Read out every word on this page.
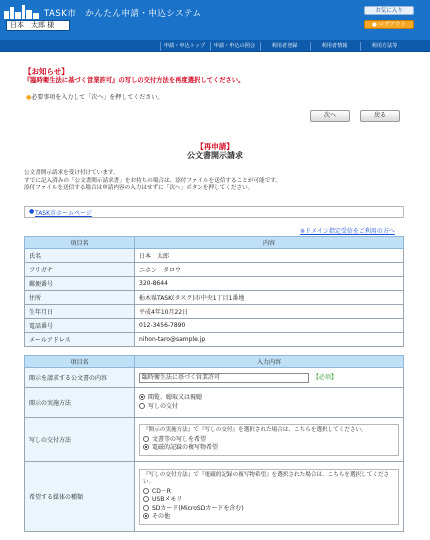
TASK市　かんたん申請・申込システム
日本　太郎 様
お気に入り
● ログアウト
申請・申込トップ	申請・申込の照会	利用者登録	利用者情報	利用方法等
【お知らせ】
『臨時衛生法に基づく営業許可』の写しの交付方法を再度選択してください。
●必要事項を入力して「次へ」を押してください。
次へ	戻る
【再申請】
公文書開示請求
公文書開示請求を受け付けています。
すでに記入済みの「公文書開示請求書」をお持ちの場合は、添付ファイルを送信することが可能です。
添付ファイルを送信する場合は申請内容の入力はせずに「次へ」ボタンを押してください。
● TASK市ホームページ
※ドメイン指定受信をご利用の方へ
項目名	内容
氏名	日本　太郎
フリガナ	ニホン　タロウ
郵便番号	320-8644
住所	栃木県TASK(タスク)市中央1丁目1番地
生年月日	平成4年10月22日
電話番号	012-3456-7890
メールアドレス	nihon-taro@sample.jp
項目名	入力内容
開示を請求する公文書の内容	臨時衛生法に基づく営業許可 【必須】
開示の実施方法	閲覧、聴取又は視聴
写しの交付

写しの交付方法	『開示の実施方法』で『写しの交付』を選択された場合は、こちらを選択してください。
文書等の写しを希望
電磁的記録の複写物希望

希望する媒体の種類	『写しの交付方法』で『電磁的記録の複写物希望』を選択された場合は、こちらを選択してください。
CD－R
USBメモリ
SDカード(MicroSDカードを含む)
その他
